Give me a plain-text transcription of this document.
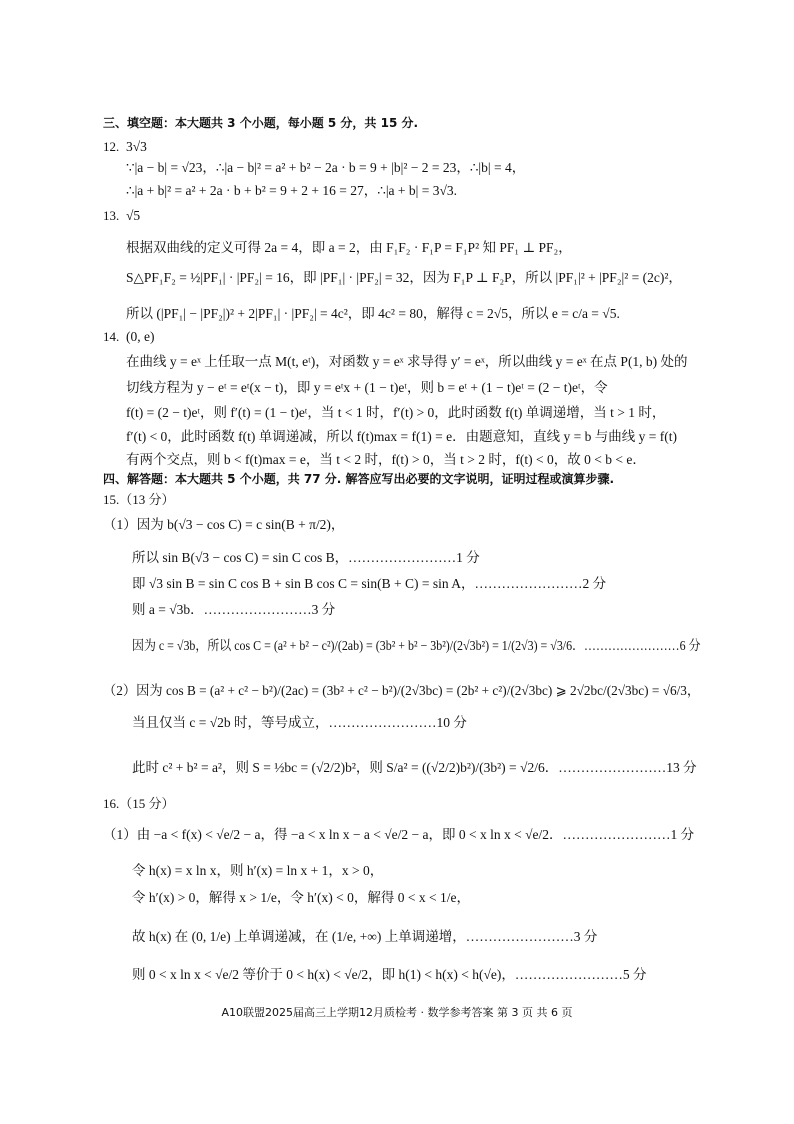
三、填空题：本大题共 3 个小题，每小题 5 分，共 15 分.
12. 3√3
∵|a − b| = √23，∴|a − b|² = a² + b² − 2a · b = 9 + |b|² − 2 = 23，∴|b| = 4，
∴|a + b|² = a² + 2a · b + b² = 9 + 2 + 16 = 27，∴|a + b| = 3√3.
13. √5
根据双曲线的定义可得 2a = 4，即 a = 2，由 F₁F₂ · F₁P = F₁P² 知 PF₁ ⊥ PF₂，
S△PF₁F₂ = ½|PF₁| · |PF₂| = 16，即 |PF₁| · |PF₂| = 32，因为 F₁P ⊥ F₂P，所以 |PF₁|² + |PF₂|² = (2c)²，
所以 (|PF₁| − |PF₂|)² + 2|PF₁| · |PF₂| = 4c²，即 4c² = 80，解得 c = 2√5，所以 e = c/a = √5.
14. (0, e)
在曲线 y = eˣ 上任取一点 M(t, eᵗ)，对函数 y = eˣ 求导得 y′ = eˣ，所以曲线 y = eˣ 在点 P(1, b) 处的
切线方程为 y − eᵗ = eᵗ(x − t)，即 y = eᵗx + (1 − t)eᵗ，则 b = eᵗ + (1 − t)eᵗ = (2 − t)eᵗ，令
f(t) = (2 − t)eᵗ，则 f′(t) = (1 − t)eᵗ，当 t < 1 时，f′(t) > 0，此时函数 f(t) 单调递增，当 t > 1 时，
f′(t) < 0，此时函数 f(t) 单调递减，所以 f(t)max = f(1) = e．由题意知，直线 y = b 与曲线 y = f(t)
有两个交点，则 b < f(t)max = e，当 t < 2 时，f(t) > 0，当 t > 2 时，f(t) < 0，故 0 < b < e．
四、解答题：本大题共 5 个小题，共 77 分. 解答应写出必要的文字说明，证明过程或演算步骤.
15.（13 分）
（1）因为 b(√3 − cos C) = c sin(B + π/2)，
所以 sin B(√3 − cos C) = sin C cos B，……………………1 分
即 √3 sin B = sin C cos B + sin B cos C = sin(B + C) = sin A，……………………2 分
则 a = √3b．……………………3 分
因为 c = √3b，所以 cos C = (a² + b² − c²)/(2ab) = (3b² + b² − 3b²)/(2√3b²) = 1/(2√3) = √3/6．……………………6 分
（2）因为 cos B = (a² + c² − b²)/(2ac) = (3b² + c² − b²)/(2√3bc) = (2b² + c²)/(2√3bc) ⩾ 2√2bc/(2√3bc) = √6/3，
当且仅当 c = √2b 时，等号成立，……………………10 分
此时 c² + b² = a²，则 S = ½bc = (√2/2)b²，则 S/a² = ((√2/2)b²)/(3b²) = √2/6．……………………13 分
16.（15 分）
（1）由 −a < f(x) < √e/2 − a，得 −a < x ln x − a < √e/2 − a，即 0 < x ln x < √e/2．……………………1 分
令 h(x) = x ln x，则 h′(x) = ln x + 1，x > 0，
令 h′(x) > 0，解得 x > 1/e，令 h′(x) < 0，解得 0 < x < 1/e，
故 h(x) 在 (0, 1/e) 上单调递减，在 (1/e, +∞) 上单调递增，……………………3 分
则 0 < x ln x < √e/2 等价于 0 < h(x) < √e/2，即 h(1) < h(x) < h(√e)，……………………5 分
A10联盟2025届高三上学期12月质检考 · 数学参考答案 第 3 页 共 6 页
